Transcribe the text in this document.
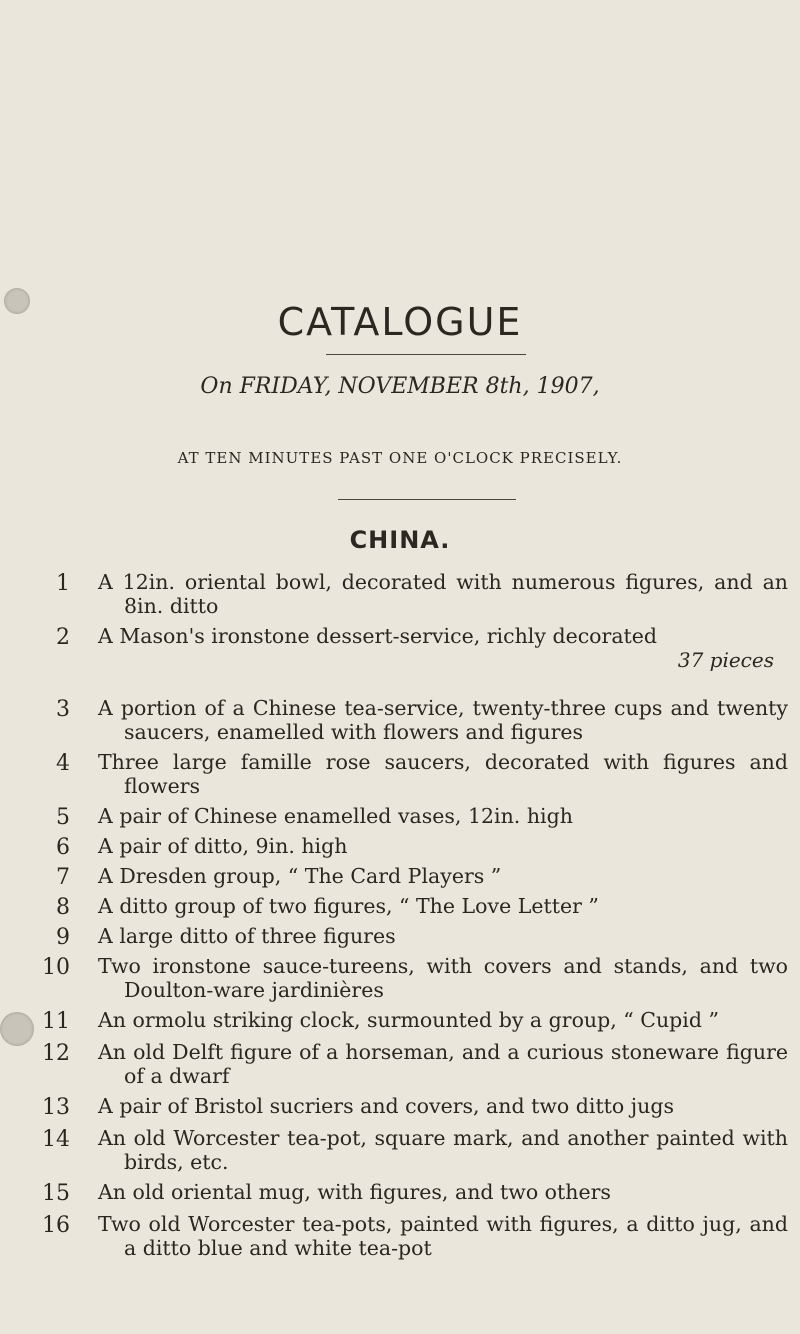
CATALOGUE
On FRIDAY, NOVEMBER 8th, 1907,
AT TEN MINUTES PAST ONE O'CLOCK PRECISELY.
CHINA.
1 A 12in. oriental bowl, decorated with numerous figures, and an 8in. ditto
2 A Mason's ironstone dessert-service, richly decorated
37 pieces
3 A portion of a Chinese tea-service, twenty-three cups and twenty saucers, enamelled with flowers and figures
4 Three large famille rose saucers, decorated with figures and flowers
5 A pair of Chinese enamelled vases, 12in. high
6 A pair of ditto, 9in. high
7 A Dresden group, “ The Card Players ”
8 A ditto group of two figures, “ The Love Letter ”
9 A large ditto of three figures
10 Two ironstone sauce-tureens, with covers and stands, and two Doulton-ware jardinières
11 An ormolu striking clock, surmounted by a group, “ Cupid ”
12 An old Delft figure of a horseman, and a curious stoneware figure of a dwarf
13 A pair of Bristol sucriers and covers, and two ditto jugs
14 An old Worcester tea-pot, square mark, and another painted with birds, etc.
15 An old oriental mug, with figures, and two others
16 Two old Worcester tea-pots, painted with figures, a ditto jug, and a ditto blue and white tea-pot
